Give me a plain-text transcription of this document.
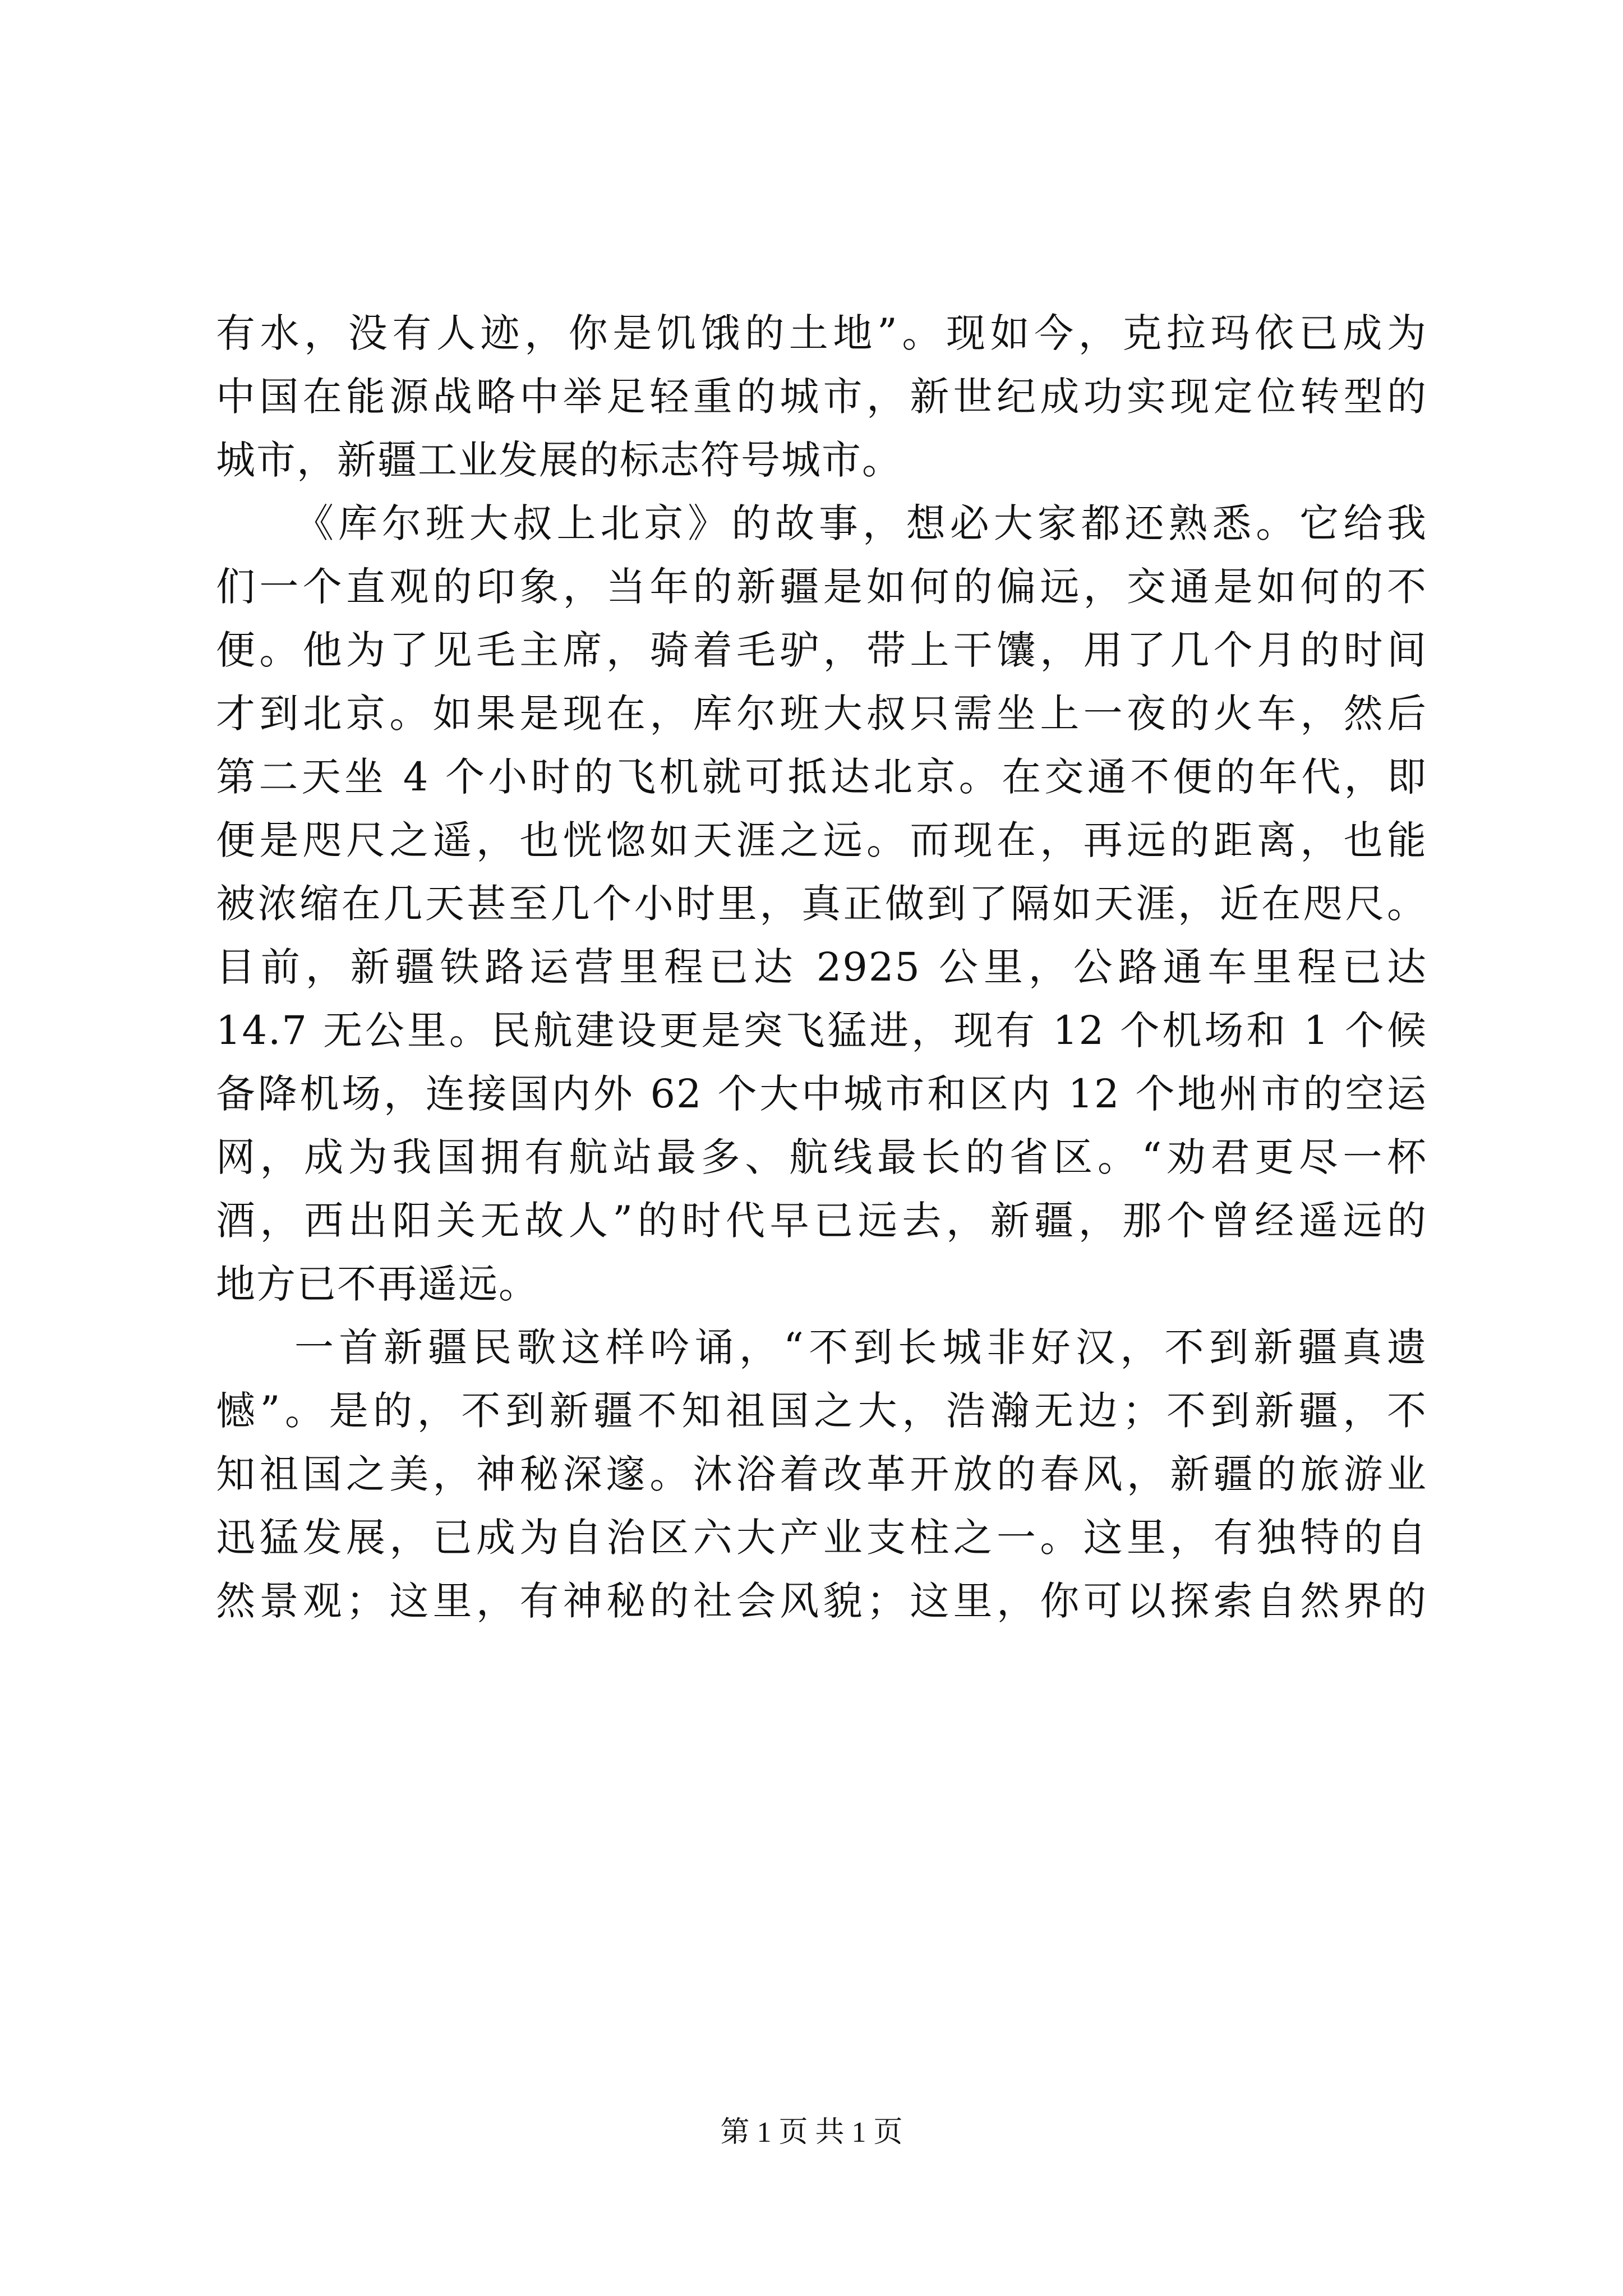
有水，没有人迹，你是饥饿的土地”。现如今，克拉玛依已成为
中国在能源战略中举足轻重的城市，新世纪成功实现定位转型的
城市，新疆工业发展的标志符号城市。
《库尔班大叔上北京》的故事，想必大家都还熟悉。它给我
们一个直观的印象，当年的新疆是如何的偏远，交通是如何的不
便。他为了见毛主席，骑着毛驴，带上干馕，用了几个月的时间
才到北京。如果是现在，库尔班大叔只需坐上一夜的火车，然后
第二天坐 4 个小时的飞机就可抵达北京。在交通不便的年代，即
便是咫尺之遥，也恍惚如天涯之远。而现在，再远的距离，也能
被浓缩在几天甚至几个小时里，真正做到了隔如天涯，近在咫尺。
目前，新疆铁路运营里程已达 2925 公里，公路通车里程已达
14.7 无公里。民航建设更是突飞猛进，现有 12 个机场和 1 个候
备降机场，连接国内外 62 个大中城市和区内 12 个地州市的空运
网，成为我国拥有航站最多、航线最长的省区。“劝君更尽一杯
酒，西出阳关无故人”的时代早已远去，新疆，那个曾经遥远的
地方已不再遥远。
一首新疆民歌这样吟诵，“不到长城非好汉，不到新疆真遗
憾”。是的，不到新疆不知祖国之大，浩瀚无边；不到新疆，不
知祖国之美，神秘深邃。沐浴着改革开放的春风，新疆的旅游业
迅猛发展，已成为自治区六大产业支柱之一。这里，有独特的自
然景观；这里，有神秘的社会风貌；这里，你可以探索自然界的
第 1 页 共 1 页
